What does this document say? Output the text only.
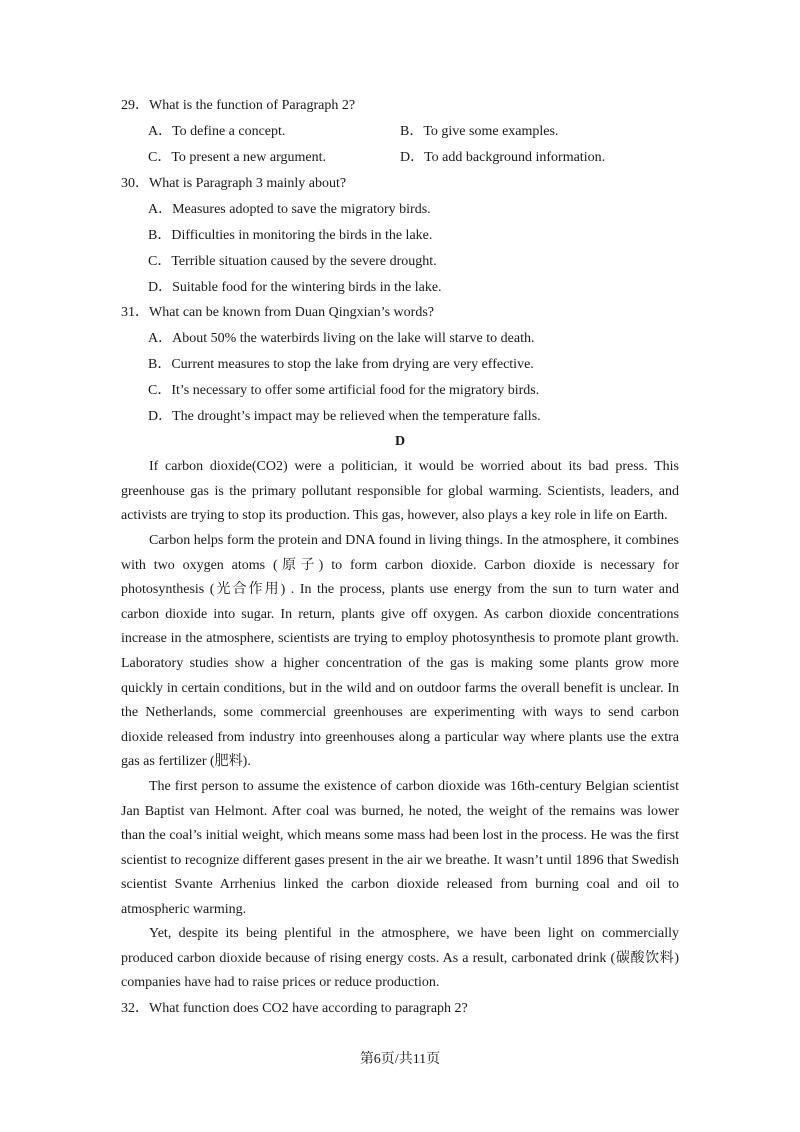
29．What is the function of Paragraph 2?
A．To define a concept.	B．To give some examples.
C．To present a new argument.	D．To add background information.
30．What is Paragraph 3 mainly about?
A．Measures adopted to save the migratory birds.
B．Difficulties in monitoring the birds in the lake.
C．Terrible situation caused by the severe drought.
D．Suitable food for the wintering birds in the lake.
31．What can be known from Duan Qingxian’s words?
A．About 50% the waterbirds living on the lake will starve to death.
B．Current measures to stop the lake from drying are very effective.
C．It’s necessary to offer some artificial food for the migratory birds.
D．The drought’s impact may be relieved when the temperature falls.
D

If carbon dioxide(CO2) were a politician, it would be worried about its bad press. This greenhouse gas is the primary pollutant responsible for global warming. Scientists, leaders, and activists are trying to stop its production. This gas, however, also plays a key role in life on Earth.

Carbon helps form the protein and DNA found in living things. In the atmosphere, it combines with two oxygen atoms (原子) to form carbon dioxide. Carbon dioxide is necessary for photosynthesis (光合作用) . In the process, plants use energy from the sun to turn water and carbon dioxide into sugar. In return, plants give off oxygen. As carbon dioxide concentrations increase in the atmosphere, scientists are trying to employ photosynthesis to promote plant growth. Laboratory studies show a higher concentration of the gas is making some plants grow more quickly in certain conditions, but in the wild and on outdoor farms the overall benefit is unclear. In the Netherlands, some commercial greenhouses are experimenting with ways to send carbon dioxide released from industry into greenhouses along a particular way where plants use the extra gas as fertilizer (肥料).

The first person to assume the existence of carbon dioxide was 16th-century Belgian scientist Jan Baptist van Helmont. After coal was burned, he noted, the weight of the remains was lower than the coal’s initial weight, which means some mass had been lost in the process. He was the first scientist to recognize different gases present in the air we breathe. It wasn’t until 1896 that Swedish scientist Svante Arrhenius linked the carbon dioxide released from burning coal and oil to atmospheric warming.

Yet, despite its being plentiful in the atmosphere, we have been light on commercially produced carbon dioxide because of rising energy costs. As a result, carbonated drink (碳酸饮料) companies have had to raise prices or reduce production.

32．What function does CO2 have according to paragraph 2?
第6页/共11页
